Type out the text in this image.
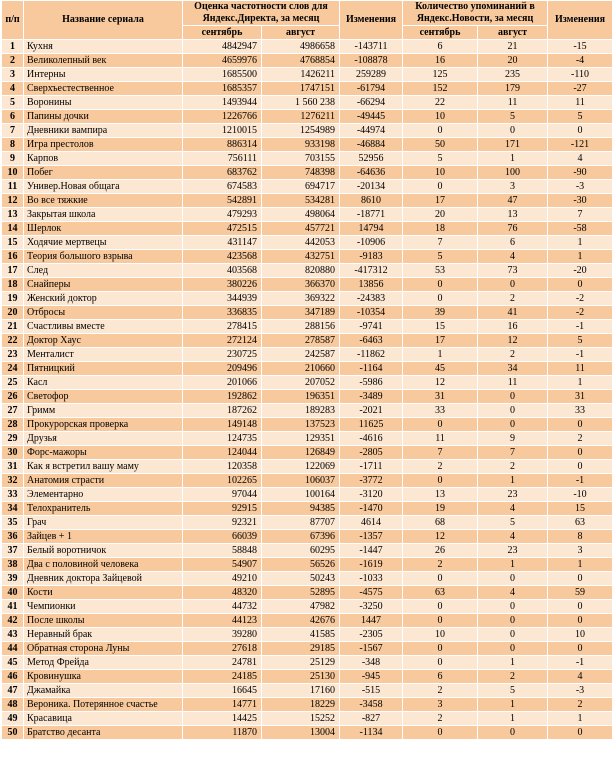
п/п	Название сериала	Оценка частотности слов для Яндекс.Директа, за месяц		Изменения	Количество упоминаний в Яндекс.Новости, за месяц		Изменения
		сентябрь	август		сентябрь	август	
1	Кухня	4842947	4986658	-143711	6	21	-15
2	Великолепный век	4659976	4768854	-108878	16	20	-4
3	Интерны	1685500	1426211	259289	125	235	-110
4	Сверхъестественное	1685357	1747151	-61794	152	179	-27
5	Воронины	1493944	1 560 238	-66294	22	11	11
6	Папины дочки	1226766	1276211	-49445	10	5	5
7	Дневники вампира	1210015	1254989	-44974	0	0	0
8	Игра престолов	886314	933198	-46884	50	171	-121
9	Карпов	756111	703155	52956	5	1	4
10	Побег	683762	748398	-64636	10	100	-90
11	Универ.Новая общага	674583	694717	-20134	0	3	-3
12	Во все тяжкие	542891	534281	8610	17	47	-30
13	Закрытая школа	479293	498064	-18771	20	13	7
14	Шерлок	472515	457721	14794	18	76	-58
15	Ходячие мертвецы	431147	442053	-10906	7	6	1
16	Теория большого взрыва	423568	432751	-9183	5	4	1
17	След	403568	820880	-417312	53	73	-20
18	Снайперы	380226	366370	13856	0	0	0
19	Женский доктор	344939	369322	-24383	0	2	-2
20	Отбросы	336835	347189	-10354	39	41	-2
21	Счастливы вместе	278415	288156	-9741	15	16	-1
22	Доктор Хаус	272124	278587	-6463	17	12	5
23	Менталист	230725	242587	-11862	1	2	-1
24	Пятницкий	209496	210660	-1164	45	34	11
25	Касл	201066	207052	-5986	12	11	1
26	Светофор	192862	196351	-3489	31	0	31
27	Гримм	187262	189283	-2021	33	0	33
28	Прокурорская проверка	149148	137523	11625	0	0	0
29	Друзья	124735	129351	-4616	11	9	2
30	Форс-мажоры	124044	126849	-2805	7	7	0
31	Как я встретил вашу маму	120358	122069	-1711	2	2	0
32	Анатомия страсти	102265	106037	-3772	0	1	-1
33	Элементарно	97044	100164	-3120	13	23	-10
34	Телохранитель	92915	94385	-1470	19	4	15
35	Грач	92321	87707	4614	68	5	63
36	Зайцев + 1	66039	67396	-1357	12	4	8
37	Белый воротничок	58848	60295	-1447	26	23	3
38	Два с половиной человека	54907	56526	-1619	2	1	1
39	Дневник доктора Зайцевой	49210	50243	-1033	0	0	0
40	Кости	48320	52895	-4575	63	4	59
41	Чемпионки	44732	47982	-3250	0	0	0
42	После школы	44123	42676	1447	0	0	0
43	Неравный брак	39280	41585	-2305	10	0	10
44	Обратная сторона Луны	27618	29185	-1567	0	0	0
45	Метод Фрейда	24781	25129	-348	0	1	-1
46	Кровинушка	24185	25130	-945	6	2	4
47	Джамайка	16645	17160	-515	2	5	-3
48	Вероника. Потерянное счастье	14771	18229	-3458	3	1	2
49	Красавица	14425	15252	-827	2	1	1
50	Братство десанта	11870	13004	-1134	0	0	0
